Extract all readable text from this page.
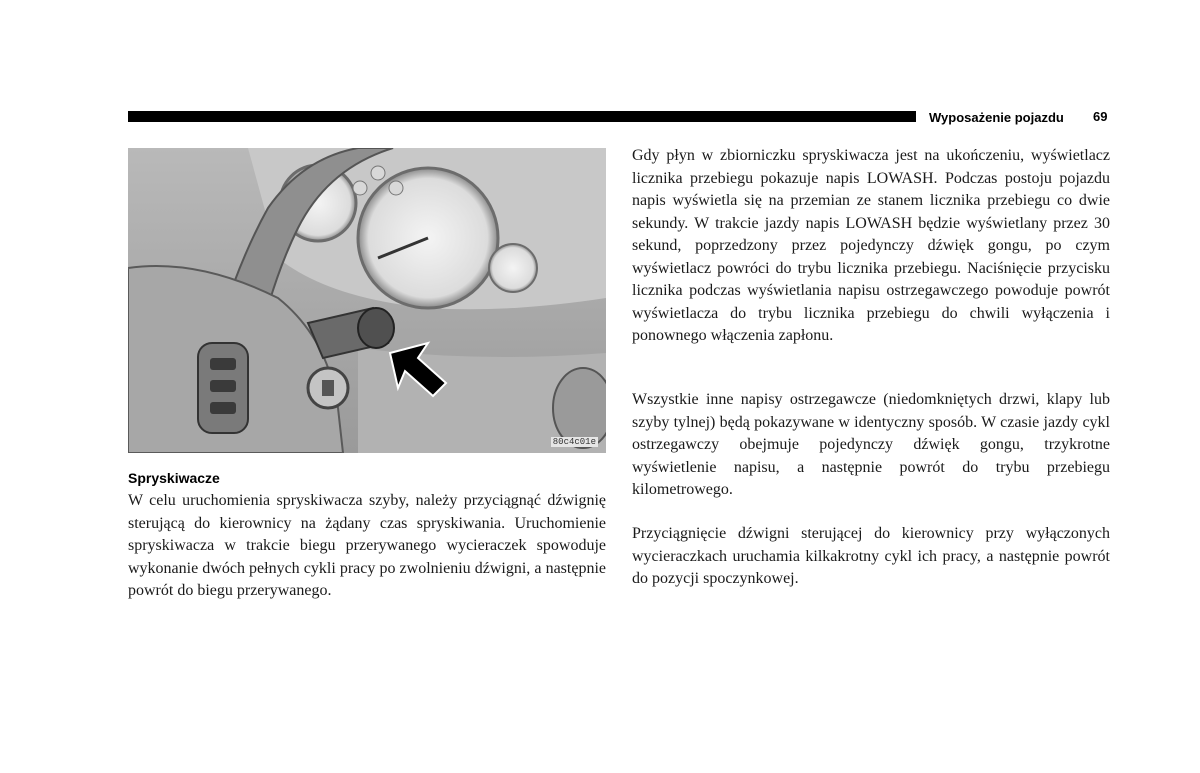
Wyposażenie pojazdu 69
80c4c01e
Spryskiwacze

W celu uruchomienia spryskiwacza szyby, należy przyciągnąć dźwignię sterującą do kierownicy na żądany czas spryskiwania. Uruchomienie spryskiwacza w trakcie biegu przerywanego wycieraczek spowoduje wykonanie dwóch pełnych cykli pracy po zwolnieniu dźwigni, a następnie powrót do biegu przerywanego.

Gdy płyn w zbiorniczku spryskiwacza jest na ukończeniu, wyświetlacz licznika przebiegu pokazuje napis LOWASH. Podczas postoju pojazdu napis wyświetla się na przemian ze stanem licznika przebiegu co dwie sekundy. W trakcie jazdy napis LOWASH będzie wyświetlany przez 30 sekund, poprzedzony przez pojedynczy dźwięk gongu, po czym wyświetlacz powróci do trybu licznika przebiegu. Naciśnięcie przycisku licznika podczas wyświetlania napisu ostrzegawczego powoduje powrót wyświetlacza do trybu licznika przebiegu do chwili wyłączenia i ponownego włączenia zapłonu.

Wszystkie inne napisy ostrzegawcze (niedomkniętych drzwi, klapy lub szyby tylnej) będą pokazywane w identyczny sposób. W czasie jazdy cykl ostrzegawczy obejmuje pojedynczy dźwięk gongu, trzykrotne wyświetlenie napisu, a następnie powrót do trybu przebiegu kilometrowego.

Przyciągnięcie dźwigni sterującej do kierownicy przy wyłączonych wycieraczkach uruchamia kilkakrotny cykl ich pracy, a następnie powrót do pozycji spoczynkowej.
